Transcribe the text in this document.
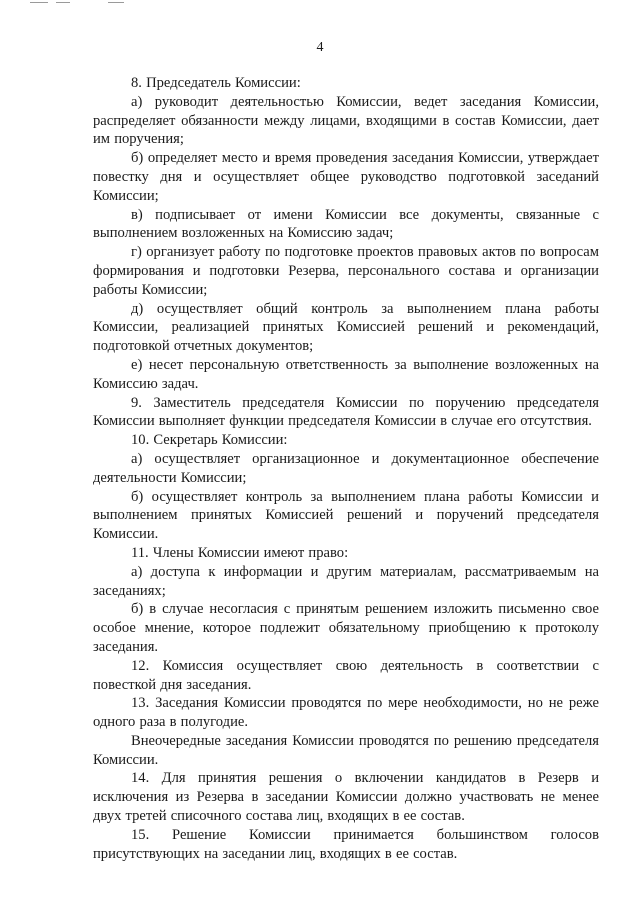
4

8. Председатель Комиссии:

а) руководит деятельностью Комиссии, ведет заседания Комиссии, распределяет обязанности между лицами, входящими в состав Комиссии, дает им поручения;

б) определяет место и время проведения заседания Комиссии, утверждает повестку дня и осуществляет общее руководство подготовкой заседаний Комиссии;

в) подписывает от имени Комиссии все документы, связанные с выполнением возложенных на Комиссию задач;

г) организует работу по подготовке проектов правовых актов по вопросам формирования и подготовки Резерва, персонального состава и организации работы Комиссии;

д) осуществляет общий контроль за выполнением плана работы Комиссии, реализацией принятых Комиссией решений и рекомендаций, подготовкой отчетных документов;

е) несет персональную ответственность за выполнение возложенных на Комиссию задач.

9. Заместитель председателя Комиссии по поручению председателя Комиссии выполняет функции председателя Комиссии в случае его отсутствия.

10. Секретарь Комиссии:

а) осуществляет организационное и документационное обеспечение деятельности Комиссии;

б) осуществляет контроль за выполнением плана работы Комиссии и выполнением принятых Комиссией решений и поручений председателя Комиссии.

11. Члены Комиссии имеют право:

а) доступа к информации и другим материалам, рассматриваемым на заседаниях;

б) в случае несогласия с принятым решением изложить письменно свое особое мнение, которое подлежит обязательному приобщению к протоколу заседания.

12. Комиссия осуществляет свою деятельность в соответствии с повесткой дня заседания.

13. Заседания Комиссии проводятся по мере необходимости, но не реже одного раза в полугодие.

Внеочередные заседания Комиссии проводятся по решению председателя Комиссии.

14. Для принятия решения о включении кандидатов в Резерв и исключения из Резерва в заседании Комиссии должно участвовать не менее двух третей списочного состава лиц, входящих в ее состав.

15. Решение Комиссии принимается большинством голосов присутствующих на заседании лиц, входящих в ее состав.
